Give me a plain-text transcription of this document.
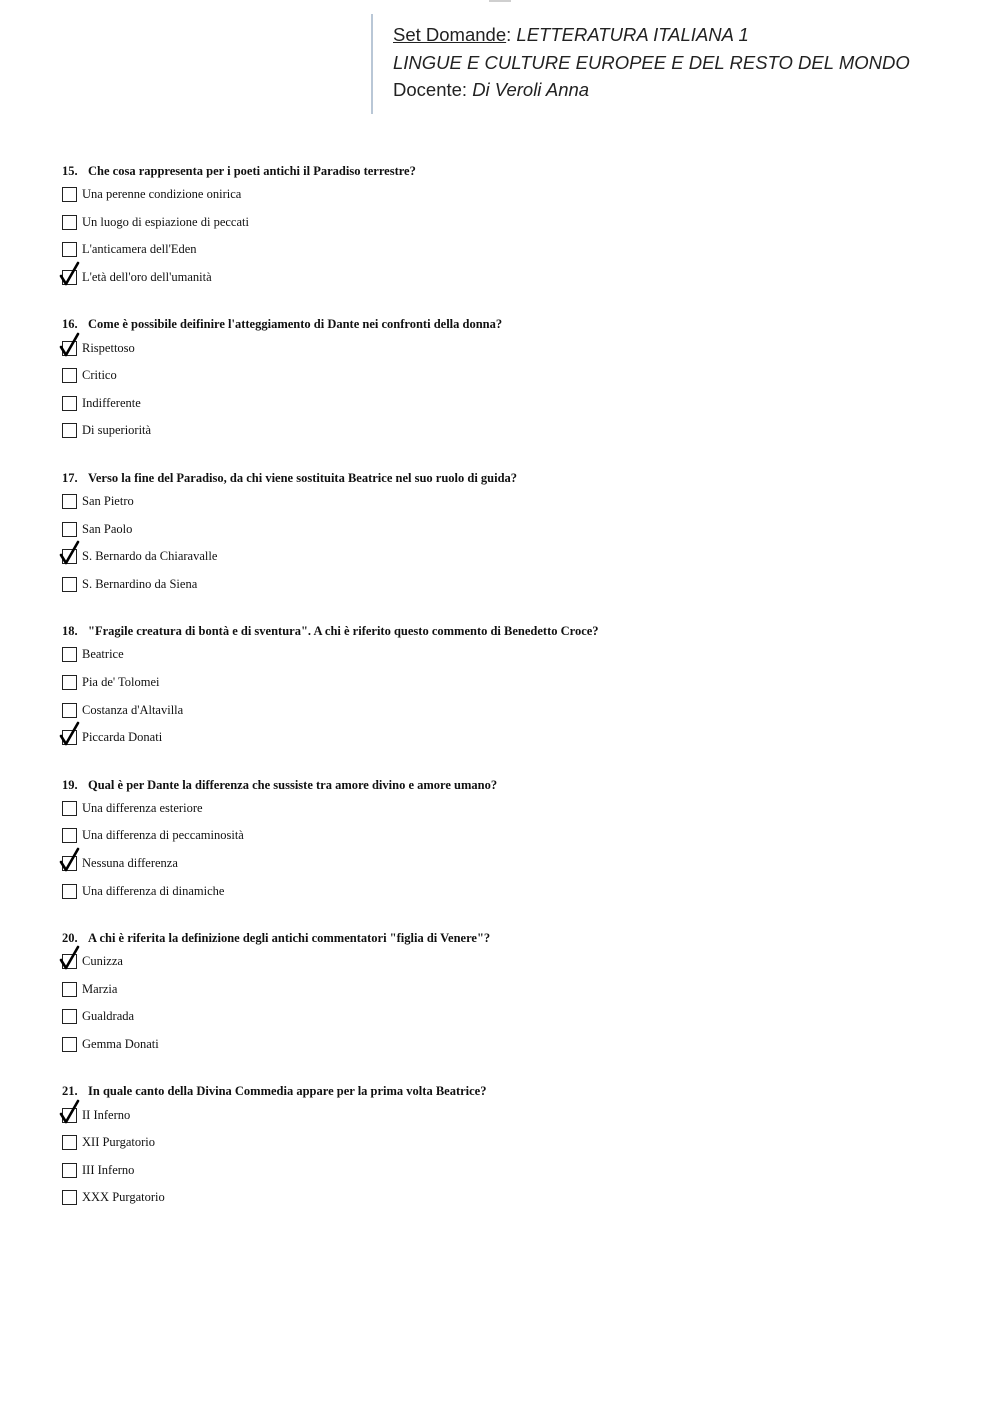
Set Domande: LETTERATURA ITALIANA 1
LINGUE E CULTURE EUROPEE E DEL RESTO DEL MONDO
Docente: Di Veroli Anna
15. Che cosa rappresenta per i poeti antichi il Paradiso terrestre?
Una perenne condizione onirica
Un luogo di espiazione di peccati
L'anticamera dell'Eden
L'età dell'oro dell'umanità
16. Come è possibile deifinire l'atteggiamento di Dante nei confronti della donna?
Rispettoso
Critico
Indifferente
Di superiorità
17. Verso la fine del Paradiso, da chi viene sostituita Beatrice nel suo ruolo di guida?
San Pietro
San Paolo
S. Bernardo da Chiaravalle
S. Bernardino da Siena
18. "Fragile creatura di bontà e di sventura". A chi è riferito questo commento di Benedetto Croce?
Beatrice
Pia de' Tolomei
Costanza d'Altavilla
Piccarda Donati
19. Qual è per Dante la differenza che sussiste tra amore divino e amore umano?
Una differenza esteriore
Una differenza di peccaminosità
Nessuna differenza
Una differenza di dinamiche
20. A chi è riferita la definizione degli antichi commentatori "figlia di Venere"?
Cunizza
Marzia
Gualdrada
Gemma Donati
21. In quale canto della Divina Commedia appare per la prima volta Beatrice?
II Inferno
XII Purgatorio
III Inferno
XXX Purgatorio
